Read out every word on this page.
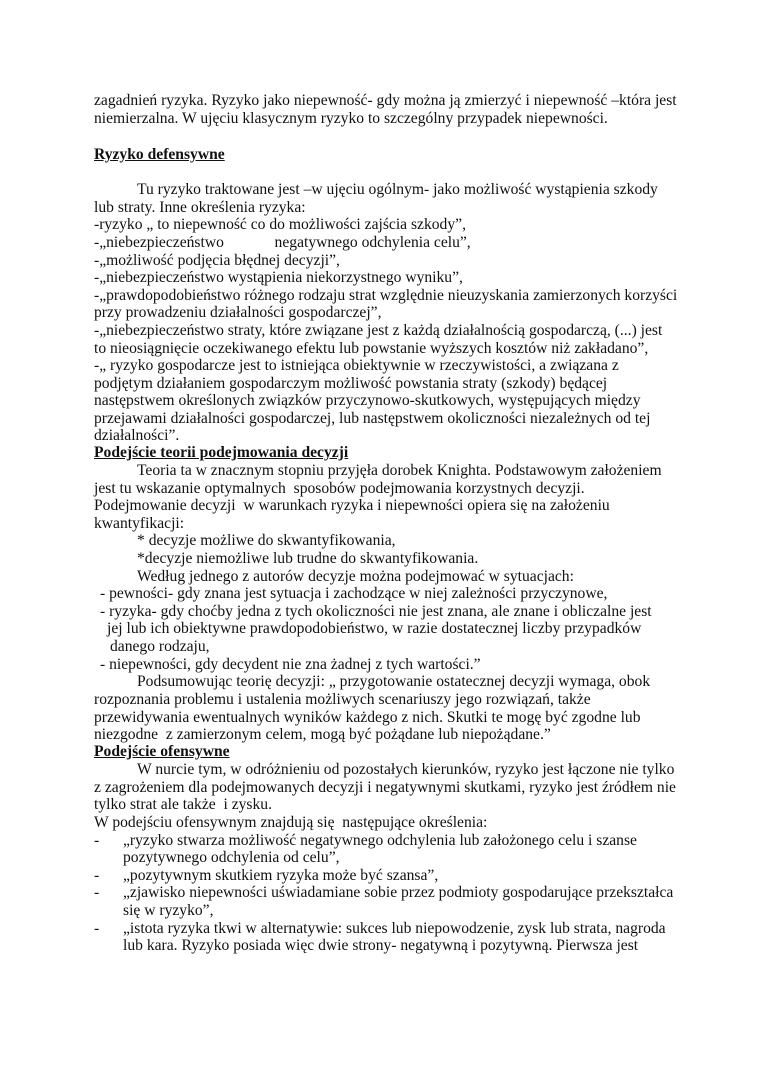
zagadnień ryzyka. Ryzyko jako niepewność- gdy można ją zmierzyć i niepewność –która jest
niemierzalna. W ujęciu klasycznym ryzyko to szczególny przypadek niepewności.
Ryzyko defensywne
Tu ryzyko traktowane jest –w ujęciu ogólnym- jako możliwość wystąpienia szkody
lub straty. Inne określenia ryzyka:
-ryzyko „ to niepewność co do możliwości zajścia szkody”,
-„niebezpieczeństwo             negatywnego odchylenia celu”,
-„możliwość podjęcia błędnej decyzji”,
-„niebezpieczeństwo wystąpienia niekorzystnego wyniku”,
-„prawdopodobieństwo różnego rodzaju strat względnie nieuzyskania zamierzonych korzyści
przy prowadzeniu działalności gospodarczej”,
-„niebezpieczeństwo straty, które związane jest z każdą działalnością gospodarczą, (...) jest
to nieosiągnięcie oczekiwanego efektu lub powstanie wyższych kosztów niż zakładano”,
-„ ryzyko gospodarcze jest to istniejąca obiektywnie w rzeczywistości, a związana z
podjętym działaniem gospodarczym możliwość powstania straty (szkody) będącej
następstwem określonych związków przyczynowo-skutkowych, występujących między
przejawami działalności gospodarczej, lub następstwem okoliczności niezależnych od tej
działalności”.
Podejście teorii podejmowania decyzji
Teoria ta w znacznym stopniu przyjęła dorobek Knighta. Podstawowym założeniem
jest tu wskazanie optymalnych  sposobów podejmowania korzystnych decyzji.
Podejmowanie decyzji  w warunkach ryzyka i niepewności opiera się na założeniu
kwantyfikacji:
* decyzje możliwe do skwantyfikowania,
*decyzje niemożliwe lub trudne do skwantyfikowania.
Według jednego z autorów decyzje można podejmować w sytuacjach:
- pewności- gdy znana jest sytuacja i zachodzące w niej zależności przyczynowe,
- ryzyka- gdy choćby jedna z tych okoliczności nie jest znana, ale znane i obliczalne jest
jej lub ich obiektywne prawdopodobieństwo, w razie dostatecznej liczby przypadków
danego rodzaju,
- niepewności, gdy decydent nie zna żadnej z tych wartości.”
Podsumowując teorię decyzji: „ przygotowanie ostatecznej decyzji wymaga, obok
rozpoznania problemu i ustalenia możliwych scenariuszy jego rozwiązań, także
przewidywania ewentualnych wyników każdego z nich. Skutki te mogę być zgodne lub
niezgodne  z zamierzonym celem, mogą być pożądane lub niepożądane.”
Podejście ofensywne
W nurcie tym, w odróżnieniu od pozostałych kierunków, ryzyko jest łączone nie tylko
z zagrożeniem dla podejmowanych decyzji i negatywnymi skutkami, ryzyko jest źródłem nie
tylko strat ale także  i zysku.
W podejściu ofensywnym znajdują się  następujące określenia:
- „ryzyko stwarza możliwość negatywnego odchylenia lub założonego celu i szanse
pozytywnego odchylenia od celu”,
- „pozytywnym skutkiem ryzyka może być szansa”,
- „zjawisko niepewności uświadamiane sobie przez podmioty gospodarujące przekształca
się w ryzyko”,
- „istota ryzyka tkwi w alternatywie: sukces lub niepowodzenie, zysk lub strata, nagroda
lub kara. Ryzyko posiada więc dwie strony- negatywną i pozytywną. Pierwsza jest
